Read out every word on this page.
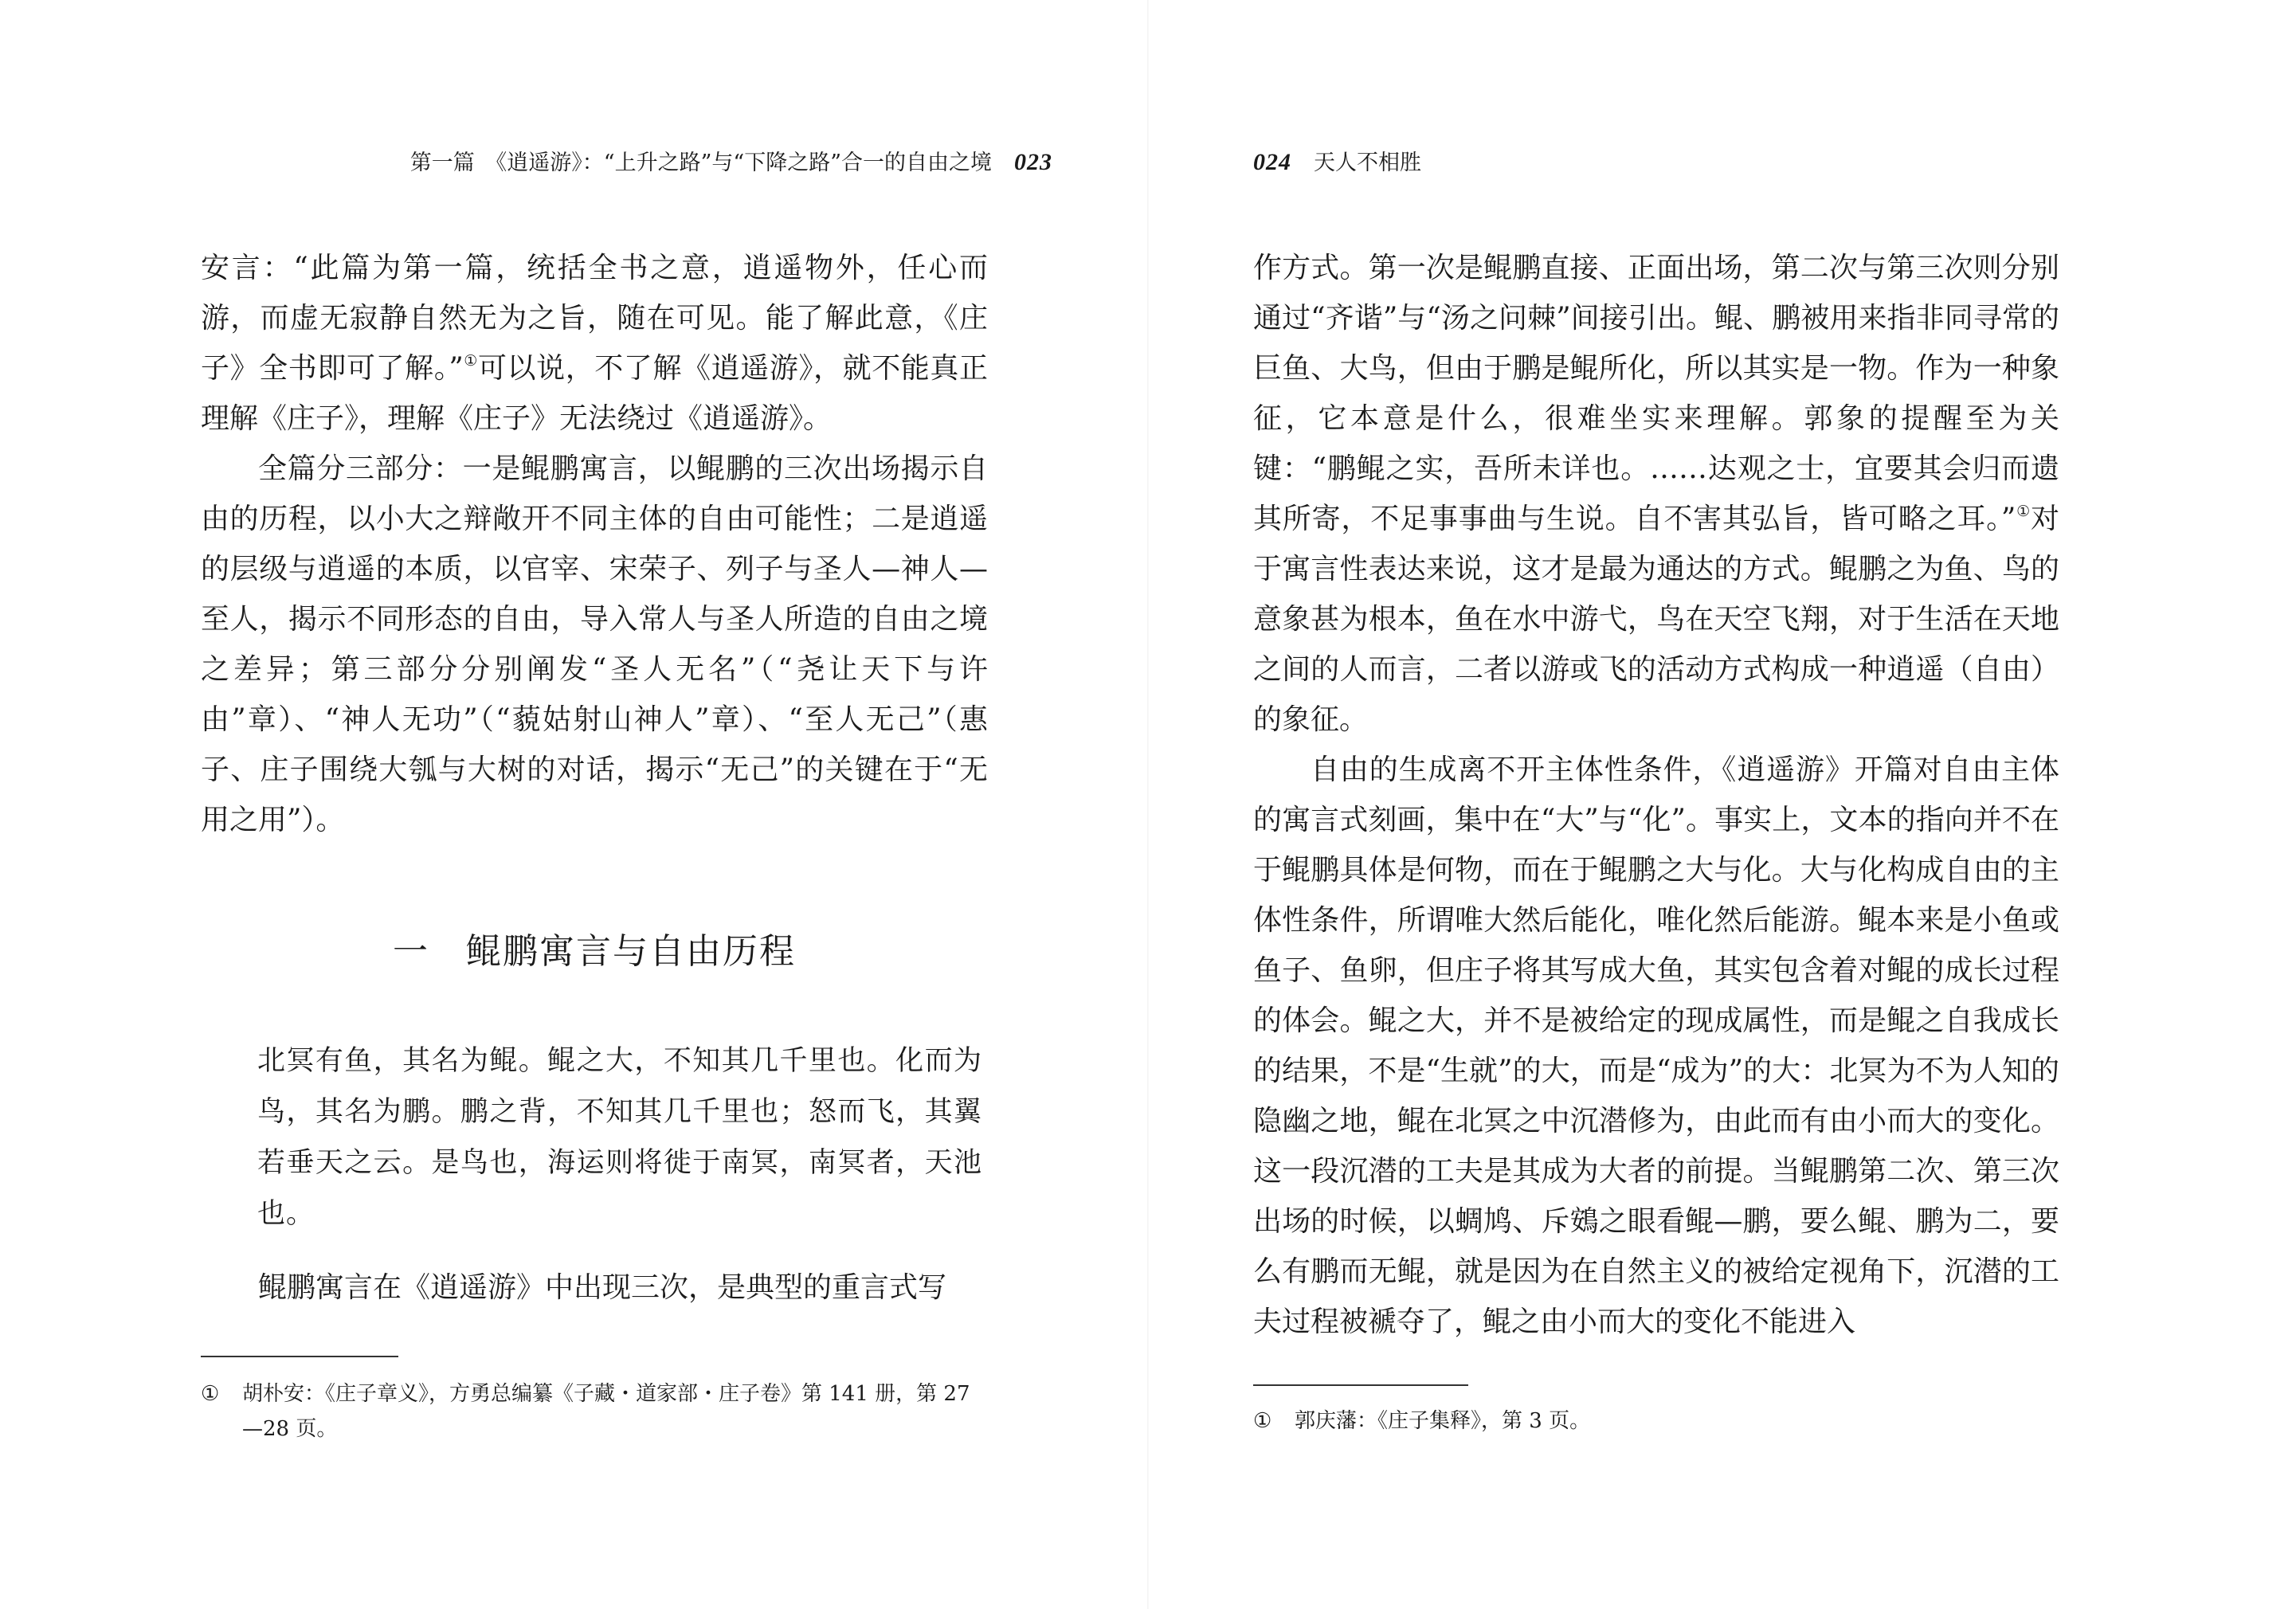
第一篇　《逍遥游》：“上升之路”与“下降之路”合一的自由之境 023

安言：“此篇为第一篇，统括全书之意，逍遥物外，任心而游，而虚无寂静自然无为之旨，随在可见。能了解此意，《庄子》全书即可了解。”①可以说，不了解《逍遥游》，就不能真正理解《庄子》，理解《庄子》无法绕过《逍遥游》。

全篇分三部分：一是鲲鹏寓言，以鲲鹏的三次出场揭示自由的历程，以小大之辩敞开不同主体的自由可能性；二是逍遥的层级与逍遥的本质，以官宰、宋荣子、列子与圣人—神人—至人，揭示不同形态的自由，导入常人与圣人所造的自由之境之差异；第三部分分别阐发“圣人无名”（“尧让天下与许由”章）、“神人无功”（“藐姑射山神人”章）、“至人无己”（惠子、庄子围绕大瓠与大树的对话，揭示“无己”的关键在于“无用之用”）。

一　鲲鹏寓言与自由历程
北冥有鱼，其名为鲲。鲲之大，不知其几千里也。化而为鸟，其名为鹏。鹏之背，不知其几千里也；怒而飞，其翼若垂天之云。是鸟也，海运则将徙于南冥，南冥者，天池也。

鲲鹏寓言在《逍遥游》中出现三次，是典型的重言式写

① 胡朴安：《庄子章义》，方勇总编纂《子藏・道家部・庄子卷》第 141 册，第 27—28 页。
024 天人不相胜

作方式。第一次是鲲鹏直接、正面出场，第二次与第三次则分别通过“齐谐”与“汤之问棘”间接引出。鲲、鹏被用来指非同寻常的巨鱼、大鸟，但由于鹏是鲲所化，所以其实是一物。作为一种象征，它本意是什么，很难坐实来理解。郭象的提醒至为关键：“鹏鲲之实，吾所未详也。……达观之士，宜要其会归而遗其所寄，不足事事曲与生说。自不害其弘旨，皆可略之耳。”①对于寓言性表达来说，这才是最为通达的方式。鲲鹏之为鱼、鸟的意象甚为根本，鱼在水中游弋，鸟在天空飞翔，对于生活在天地之间的人而言，二者以游或飞的活动方式构成一种逍遥（自由）的象征。

自由的生成离不开主体性条件，《逍遥游》开篇对自由主体的寓言式刻画，集中在“大”与“化”。事实上，文本的指向并不在于鲲鹏具体是何物，而在于鲲鹏之大与化。大与化构成自由的主体性条件，所谓唯大然后能化，唯化然后能游。鲲本来是小鱼或鱼子、鱼卵，但庄子将其写成大鱼，其实包含着对鲲的成长过程的体会。鲲之大，并不是被给定的现成属性，而是鲲之自我成长的结果，不是“生就”的大，而是“成为”的大：北冥为不为人知的隐幽之地，鲲在北冥之中沉潜修为，由此而有由小而大的变化。这一段沉潜的工夫是其成为大者的前提。当鲲鹏第二次、第三次出场的时候，以蜩鸠、斥鴳之眼看鲲—鹏，要么鲲、鹏为二，要么有鹏而无鲲，就是因为在自然主义的被给定视角下，沉潜的工夫过程被褫夺了，鲲之由小而大的变化不能进入

① 郭庆藩：《庄子集释》，第 3 页。
